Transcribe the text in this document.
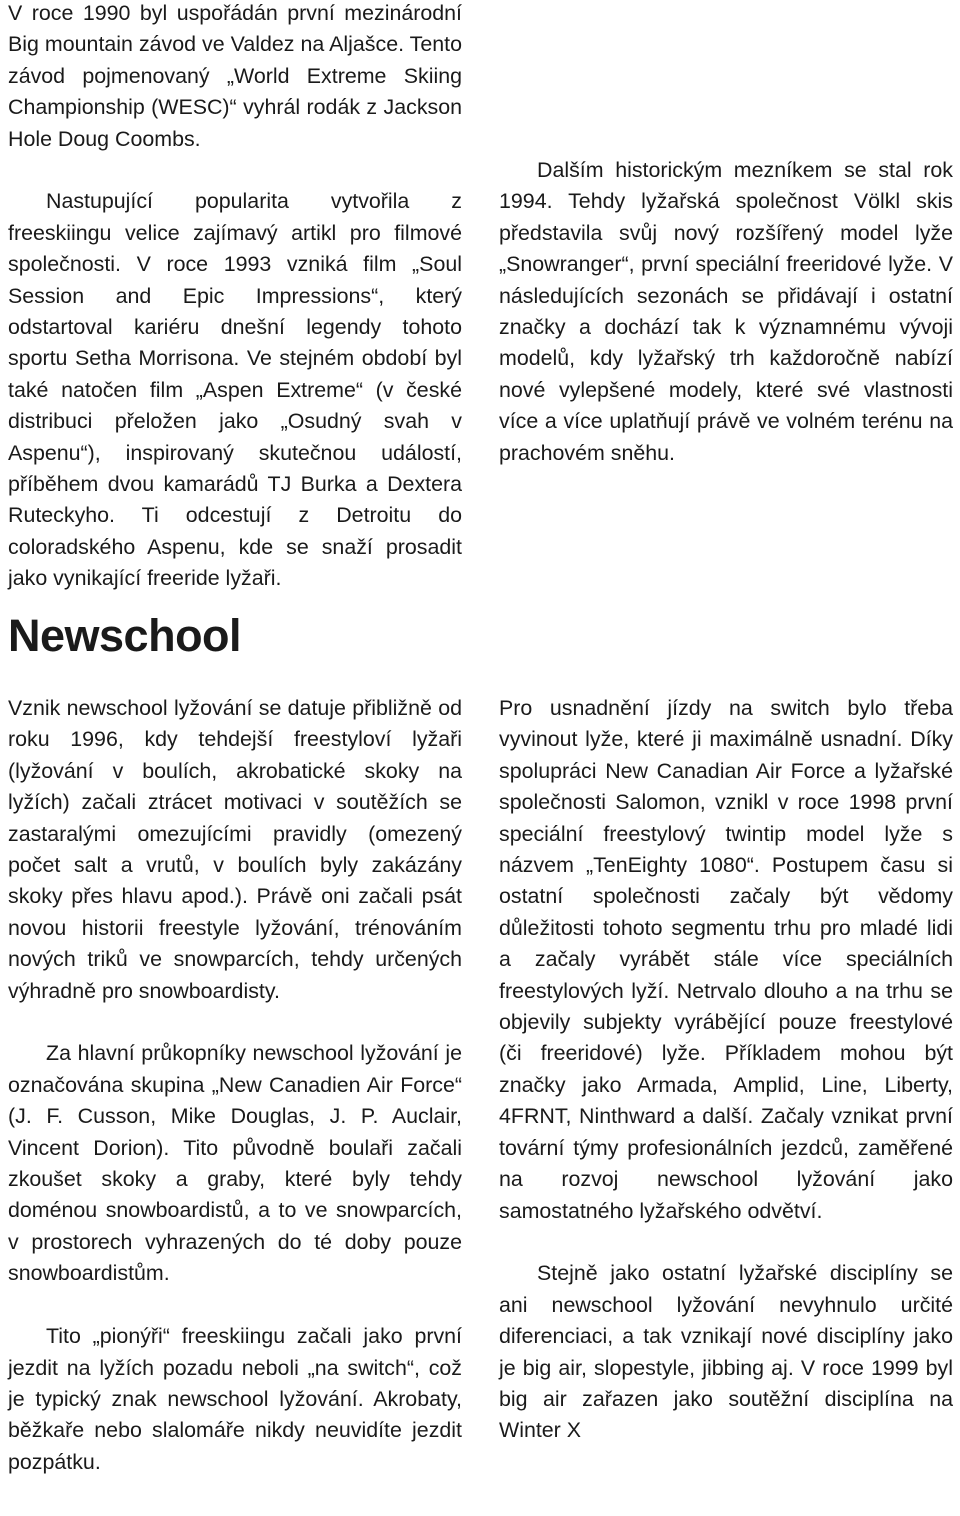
V roce 1990 byl uspořádán první mezinárodní Big mountain závod ve Valdez na Aljašce. Tento závod pojmenovaný „World Extreme Skiing Championship (WESC)“ vyhrál rodák z Jackson Hole Doug Coombs.

Nastupující popularita vytvořila z freeskiingu velice zajímavý artikl pro filmové společnosti. V roce 1993 vzniká film „Soul Session and Epic Impressions“, který odstartoval kariéru dnešní legendy tohoto sportu Setha Morrisona. Ve stejném období byl také natočen film „Aspen Extreme“ (v české distribuci přeložen jako „Osudný svah v Aspenu“), inspirovaný skutečnou událostí, příběhem dvou kamarádů TJ Burka a Dextera Ruteckyho. Ti odcestují z Detroitu do coloradského Aspenu, kde se snaží prosadit jako vynikající freeride lyžaři.

Dalším historickým mezníkem se stal rok 1994. Tehdy lyžařská společnost Völkl skis představila svůj nový rozšířený model lyže „Snowranger“, první speciální freeridové lyže. V následujících sezonách se přidávají i ostatní značky a dochází tak k významnému vývoji modelů, kdy lyžařský trh každoročně nabízí nové vylepšené modely, které své vlastnosti více a více uplatňují právě ve volném terénu na prachovém sněhu.

Newschool

Vznik newschool lyžování se datuje přibližně od roku 1996, kdy tehdejší freestyloví lyžaři (lyžování v boulích, akrobatické skoky na lyžích) začali ztrácet motivaci v soutěžích se zastaralými omezujícími pravidly (omezený počet salt a vrutů, v boulích byly zakázány skoky přes hlavu apod.). Právě oni začali psát novou historii freestyle lyžování, trénováním nových triků ve snowparcích, tehdy určených výhradně pro snowboardisty.

Za hlavní průkopníky newschool lyžování je označována skupina „New Canadien Air Force“ (J. F. Cusson, Mike Douglas, J. P. Auclair, Vincent Dorion). Tito původně boulaři začali zkoušet skoky a graby, které byly tehdy doménou snowboardistů, a to ve snowparcích, v prostorech vyhrazených do té doby pouze snowboardistům.

Tito „pionýři“ freeskiingu začali jako první jezdit na lyžích pozadu neboli „na switch“, což je typický znak newschool lyžování. Akrobaty, běžkaře nebo slalomáře nikdy neuvidíte jezdit pozpátku.

Pro usnadnění jízdy na switch bylo třeba vyvinout lyže, které ji maximálně usnadní. Díky spolupráci New Canadian Air Force a lyžařské společnosti Salomon, vznikl v roce 1998 první speciální freestylový twintip model lyže s názvem „TenEighty 1080“. Postupem času si ostatní společnosti začaly být vědomy důležitosti tohoto segmentu trhu pro mladé lidi a začaly vyrábět stále více speciálních freestylových lyží. Netrvalo dlouho a na trhu se objevily subjekty vyrábějící pouze freestylové (či freeridové) lyže. Příkladem mohou být značky jako Armada, Amplid, Line, Liberty, 4FRNT, Ninthward a další. Začaly vznikat první tovární týmy profesionálních jezdců, zaměřené na rozvoj newschool lyžování jako samostatného lyžařského odvětví.

Stejně jako ostatní lyžařské disciplíny se ani newschool lyžování nevyhnulo určité diferenciaci, a tak vznikají nové disciplíny jako je big air, slopestyle, jibbing aj. V roce 1999 byl big air zařazen jako soutěžní disciplína na Winter X
